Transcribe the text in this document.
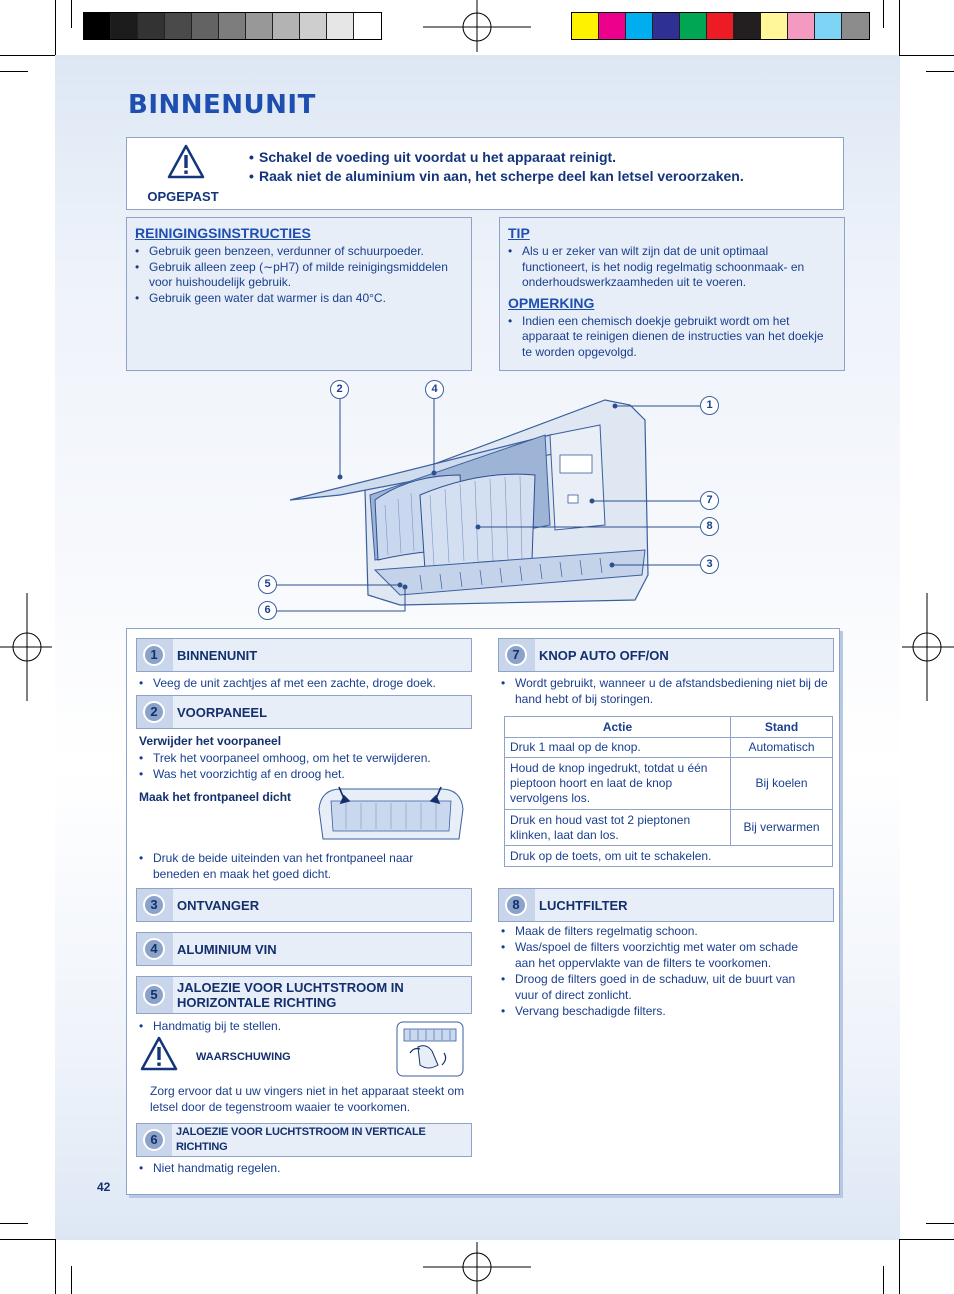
BINNENUNIT
OPGEPAST
• Schakel de voeding uit voordat u het apparaat reinigt.
• Raak niet de aluminium vin aan, het scherpe deel kan letsel veroorzaken.
REINIGINGSINSTRUCTIES
• Gebruik geen benzeen, verdunner of schuurpoeder.
• Gebruik alleen zeep (∼pH7) of milde reinigingsmiddelen voor huishoudelijk gebruik.
• Gebruik geen water dat warmer is dan 40°C.
TIP
• Als u er zeker van wilt zijn dat de unit optimaal functioneert, is het nodig regelmatig schoonmaak- en onderhoudswerkzaamheden uit te voeren.
OPMERKING
• Indien een chemisch doekje gebruikt wordt om het apparaat te reinigen dienen de instructies van het doekje te worden opgevolgd.
2	4
1
7
8
3
5
6
1	BINNENUNIT
• Veeg de unit zachtjes af met een zachte, droge doek.
2	VOORPANEEL
Verwijder het voorpaneel
• Trek het voorpaneel omhoog, om het te verwijderen.
• Was het voorzichtig af en droog het.
Maak het frontpaneel dicht
• Druk de beide uiteinden van het frontpaneel naar beneden en maak het goed dicht.
3	ONTVANGER
4	ALUMINIUM VIN
5	JALOEZIE VOOR LUCHTSTROOM IN HORIZONTALE RICHTING
• Handmatig bij te stellen.
WAARSCHUWING
Zorg ervoor dat u uw vingers niet in het apparaat steekt om letsel door de tegenstroom waaier te voorkomen.
6	JALOEZIE VOOR LUCHTSTROOM IN VERTICALE RICHTING
• Niet handmatig regelen.
7	KNOP AUTO OFF/ON
• Wordt gebruikt, wanneer u de afstandsbediening niet bij de hand hebt of bij storingen.
Actie	Stand
Druk 1 maal op de knop.	Automatisch
Houd de knop ingedrukt, totdat u één pieptoon hoort en laat de knop vervolgens los.	Bij koelen
Druk en houd vast tot 2 pieptonen klinken, laat dan los.	Bij verwarmen
Druk op de toets, om uit te schakelen.	
8	LUCHTFILTER
• Maak de filters regelmatig schoon.
• Was/spoel de filters voorzichtig met water om schade aan het oppervlakte van de filters te voorkomen.
• Droog de filters goed in de schaduw, uit de buurt van vuur of direct zonlicht.
• Vervang beschadigde filters.
42
